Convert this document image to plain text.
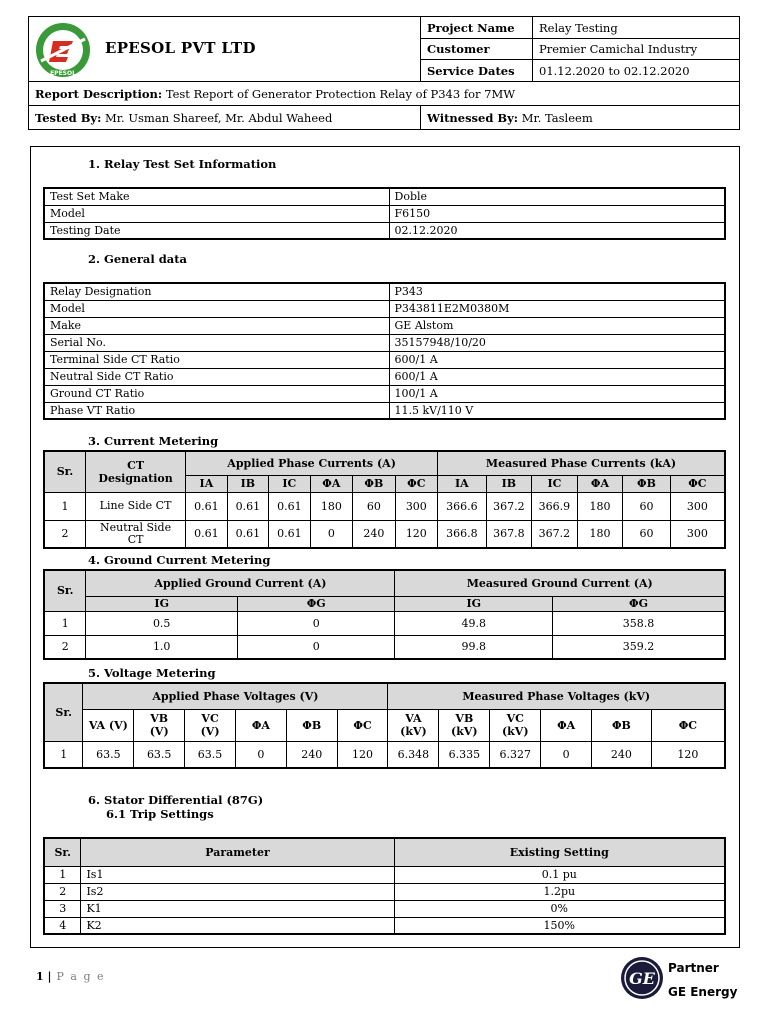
EPESOL
EPESOL PVT LTD	Project Name	Relay Testing
	Customer	Premier Camichal Industry
	Service Dates	01.12.2020 to 02.12.2020
Report Description: Test Report of Generator Protection Relay of P343 for 7MW		
Tested By: Mr. Usman Shareef, Mr. Abdul Waheed	Witnessed By: Mr. Tasleem	
1. Relay Test Set Information
Test Set Make	Doble
Model	F6150
Testing Date	02.12.2020
2. General data
Relay Designation	P343
Model	P343811E2M0380M
Make	GE Alstom
Serial No.	35157948/10/20
Terminal Side CT Ratio	600/1 A
Neutral Side CT Ratio	600/1 A
Ground CT Ratio	100/1 A
Phase VT Ratio	11.5 kV/110 V
3. Current Metering
Sr.	CT Designation	Applied Phase Currents (A)						Measured Phase Currents (kA)					
		IA	IB	IC	ΦA	ΦB	ΦC	IA	IB	IC	ΦA	ΦB	ΦC
1	Line Side CT	0.61	0.61	0.61	180	60	300	366.6	367.2	366.9	180	60	300
2	Neutral Side CT	0.61	0.61	0.61	0	240	120	366.8	367.8	367.2	180	60	300
4. Ground Current Metering
Sr.	Applied Ground Current (A)		Measured Ground Current (A)	
	IG	ΦG	IG	ΦG
1	0.5	0	49.8	358.8
2	1.0	0	99.8	359.2
5. Voltage Metering
Sr.	Applied Phase Voltages (V)						Measured Phase Voltages (kV)					
	VA (V)	VB (V)	VC (V)	ΦA	ΦB	ΦC	VA (kV)	VB (kV)	VC (kV)	ΦA	ΦB	ΦC
1	63.5	63.5	63.5	0	240	120	6.348	6.335	6.327	0	240	120
6. Stator Differential (87G)
6.1 Trip Settings
Sr.	Parameter	Existing Setting
1	Is1	0.1 pu
2	Is2	1.2pu
3	K1	0%
4	K2	150%
1 | P a g e	GE
Partner
GE Energy
